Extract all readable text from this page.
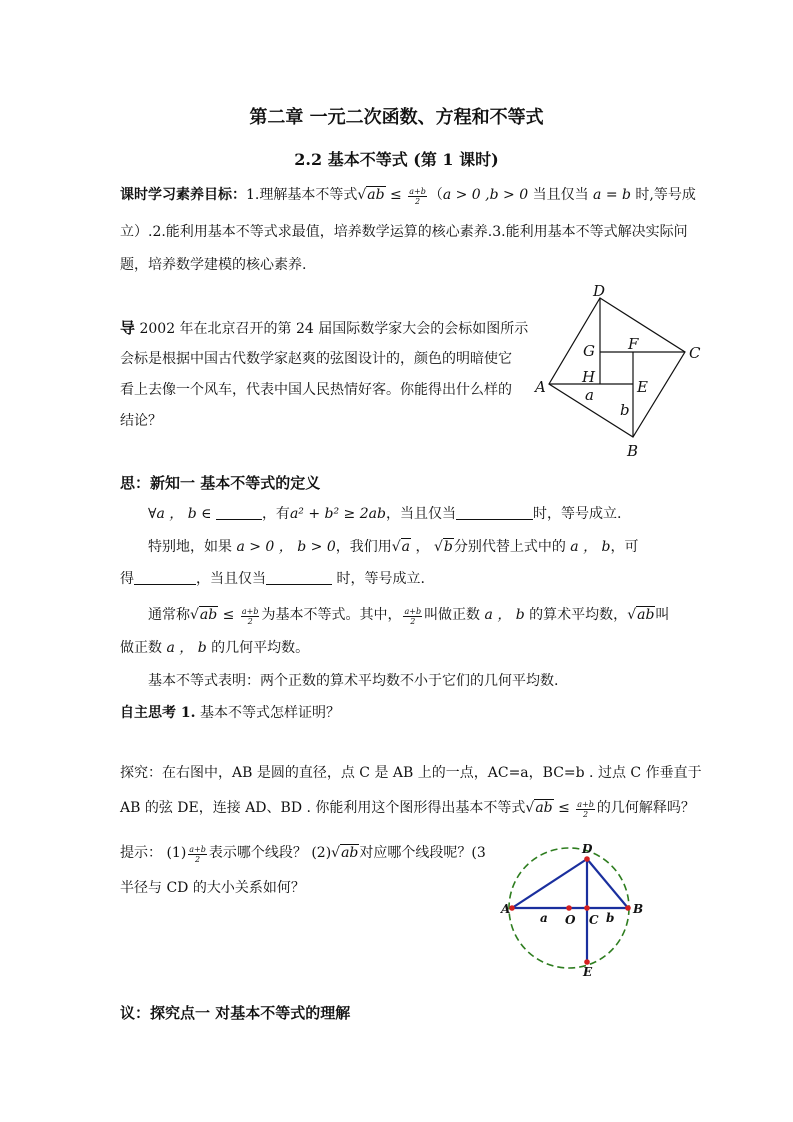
第二章 一元二次函数、方程和不等式
2.2 基本不等式 (第 1 课时)
课时学习素养目标：1.理解基本不等式$√ab \le \frac{a+b}{2} (a > 0$ ,b > 0 当且仅当 a = b 时,等号成
立）.2.能利用基本不等式求最值，培养数学运算的核心素养.3.能利用基本不等式解决实际问
题，培养数学建模的核心素养.
导 2002 年在北京召开的第 24 届国际数学家大会的会标如图所示
会标是根据中国古代数学家赵爽的弦图设计的，颜色的明暗使它
看上去像一个风车，代表中国人民热情好客。你能得出什么样的
结论？
D
C
A
B
G F
H
E
a
b
思：新知一 基本不等式的定义
∀a ， b ∈	，有a² + b² ≥ 2ab，当且仅当	时，等号成立.
特别地，如果 a > 0 ， b > 0，我们用√a ， √b分别代替上式中的 a ， b，可
得	，当且仅当	时，等号成立.
通常称$√ab \le \frac{a+b}{2}$ 为基本不等式。其中， $\frac{a+b}{2}$ 叫做正数 a ， b 的算术平均数，√ab叫
做正数 a ， b 的几何平均数。
基本不等式表明：两个正数的算术平均数不小于它们的几何平均数.
自主思考 1. 基本不等式怎样证明？
探究：在右图中，AB 是圆的直径，点 C 是 AB 上的一点，AC=a，BC=b . 过点 C 作垂直于
AB 的弦 DE，连接 AD、BD . 你能利用这个图形得出基本不等式$√ab \le \frac{a+b}{2}$ 的几何解释吗？
提示： $(1) \frac{a+b}{2}$ 表示哪个线段？ (2)√ab对应哪个线段呢？(3
半径与 CD 的大小关系如何？
D
A	B
E
O C
a	b
议：探究点一 对基本不等式的理解
